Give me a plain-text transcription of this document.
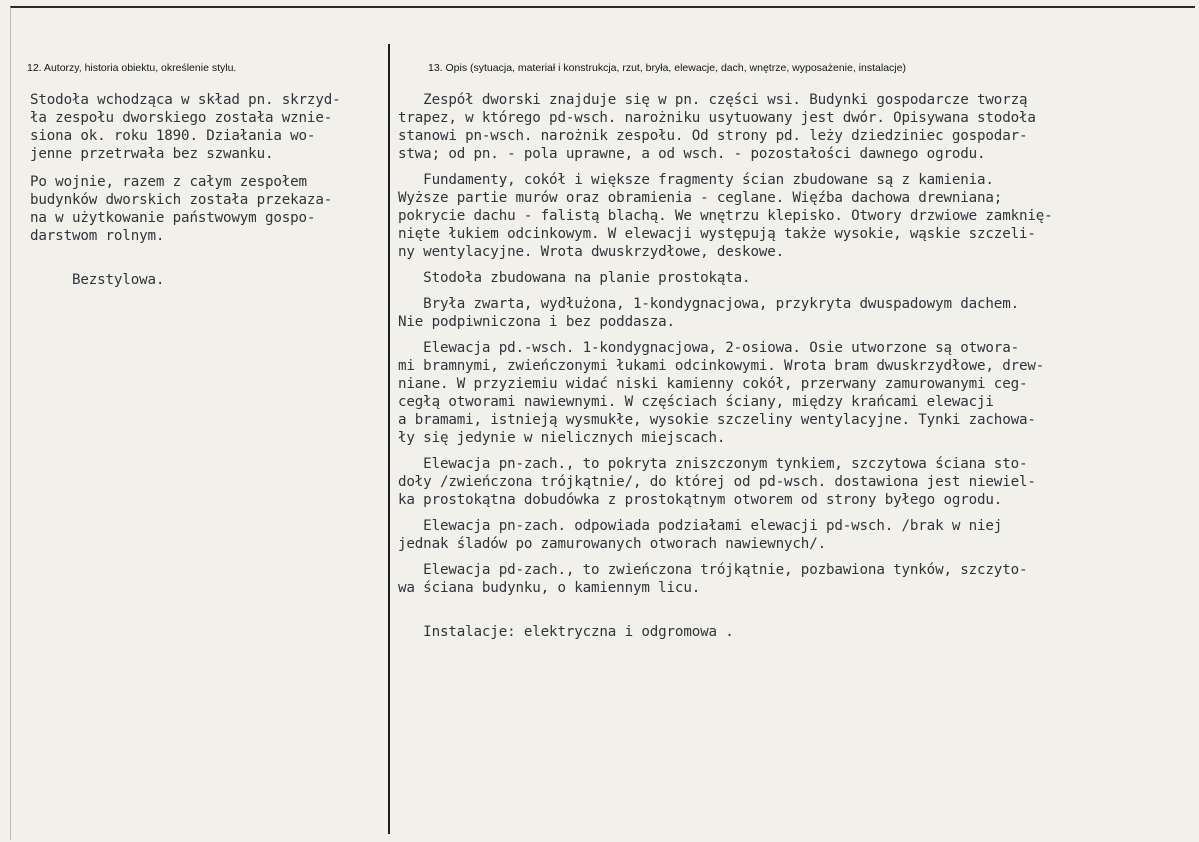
12. Autorzy, historia obiektu, określenie stylu.	13. Opis (sytuacja, materiał i konstrukcja, rzut, bryła, elewacje, dach, wnętrze, wyposażenie, instalacje)
Stodoła wchodząca w skład pn. skrzyd-
ła zespołu dworskiego została wznie-
siona ok. roku 1890. Działania wo-
jenne przetrwała bez szwanku.
Po wojnie, razem z całym zespołem
budynków dworskich została przekaza-
na w użytkowanie państwowym gospo-
darstwom rolnym.
Bezstylowa.
Zespół dworski znajduje się w pn. części wsi. Budynki gospodarcze tworzą
trapez, w którego pd-wsch. narożniku usytuowany jest dwór. Opisywana stodoła
stanowi pn-wsch. narożnik zespołu. Od strony pd. leży dziedziniec gospodar-
stwa; od pn. - pola uprawne, a od wsch. - pozostałości dawnego ogrodu.
Fundamenty, cokół i większe fragmenty ścian zbudowane są z kamienia.
Wyższe partie murów oraz obramienia - ceglane. Więźba dachowa drewniana;
pokrycie dachu - falistą blachą. We wnętrzu klepisko. Otwory drzwiowe zamknię-
nięte łukiem odcinkowym. W elewacji występują także wysokie, wąskie szczeli-
ny wentylacyjne. Wrota dwuskrzydłowe, deskowe.
Stodoła zbudowana na planie prostokąta.
Bryła zwarta, wydłużona, 1-kondygnacjowa, przykryta dwuspadowym dachem.
Nie podpiwniczona i bez poddasza.
Elewacja pd.-wsch. 1-kondygnacjowa, 2-osiowa. Osie utworzone są otwora-
mi bramnymi, zwieńczonymi łukami odcinkowymi. Wrota bram dwuskrzydłowe, drew-
niane. W przyziemiu widać niski kamienny cokół, przerwany zamurowanymi ceg-
cegłą otworami nawiewnymi. W częściach ściany, między krańcami elewacji
a bramami, istnieją wysmukłe, wysokie szczeliny wentylacyjne. Tynki zachowa-
ły się jedynie w nielicznych miejscach.
Elewacja pn-zach., to pokryta zniszczonym tynkiem, szczytowa ściana sto-
doły /zwieńczona trójkątnie/, do której od pd-wsch. dostawiona jest niewiel-
ka prostokątna dobudówka z prostokątnym otworem od strony byłego ogrodu.
Elewacja pn-zach. odpowiada podziałami elewacji pd-wsch. /brak w niej
jednak śladów po zamurowanych otworach nawiewnych/.
Elewacja pd-zach., to zwieńczona trójkątnie, pozbawiona tynków, szczyto-
wa ściana budynku, o kamiennym licu.
Instalacje: elektryczna i odgromowa .
